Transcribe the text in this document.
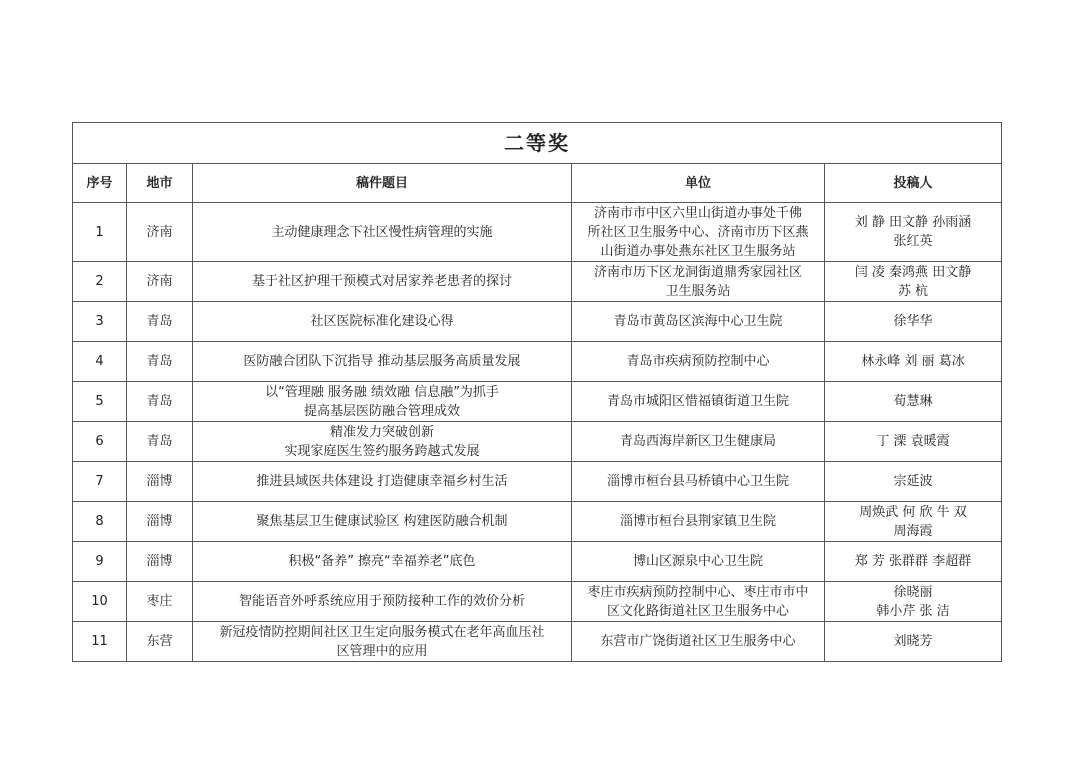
二等奖				
序号	地市	稿件题目	单位	投稿人
1	济南	主动健康理念下社区慢性病管理的实施	济南市市中区六里山街道办事处千佛
所社区卫生服务中心、济南市历下区燕
山街道办事处燕东社区卫生服务站	刘 静 田文静 孙雨涵
张红英
2	济南	基于社区护理干预模式对居家养老患者的探讨	济南市历下区龙洞街道鼎秀家园社区
卫生服务站	闫 凌 秦鸿燕 田文静
苏 杭
3	青岛	社区医院标准化建设心得	青岛市黄岛区滨海中心卫生院	徐华华
4	青岛	医防融合团队下沉指导 推动基层服务高质量发展	青岛市疾病预防控制中心	林永峰 刘 丽 葛冰
5	青岛	以“管理融 服务融 绩效融 信息融”为抓手
提高基层医防融合管理成效	青岛市城阳区惜福镇街道卫生院	荀慧琳
6	青岛	精准发力突破创新
实现家庭医生签约服务跨越式发展	青岛西海岸新区卫生健康局	丁 溧 袁暖霞
7	淄博	推进县域医共体建设 打造健康幸福乡村生活	淄博市桓台县马桥镇中心卫生院	宗延波
8	淄博	聚焦基层卫生健康试验区 构建医防融合机制	淄博市桓台县荆家镇卫生院	周焕武 何 欣 牛 双
周海霞
9	淄博	积极“备养” 擦亮“幸福养老”底色	博山区源泉中心卫生院	郑 芳 张群群 李超群
10	枣庄	智能语音外呼系统应用于预防接种工作的效价分析	枣庄市疾病预防控制中心、枣庄市市中
区文化路街道社区卫生服务中心	徐晓丽
韩小芹 张 洁
11	东营	新冠疫情防控期间社区卫生定向服务模式在老年高血压社
区管理中的应用	东营市广饶街道社区卫生服务中心	刘晓芳
